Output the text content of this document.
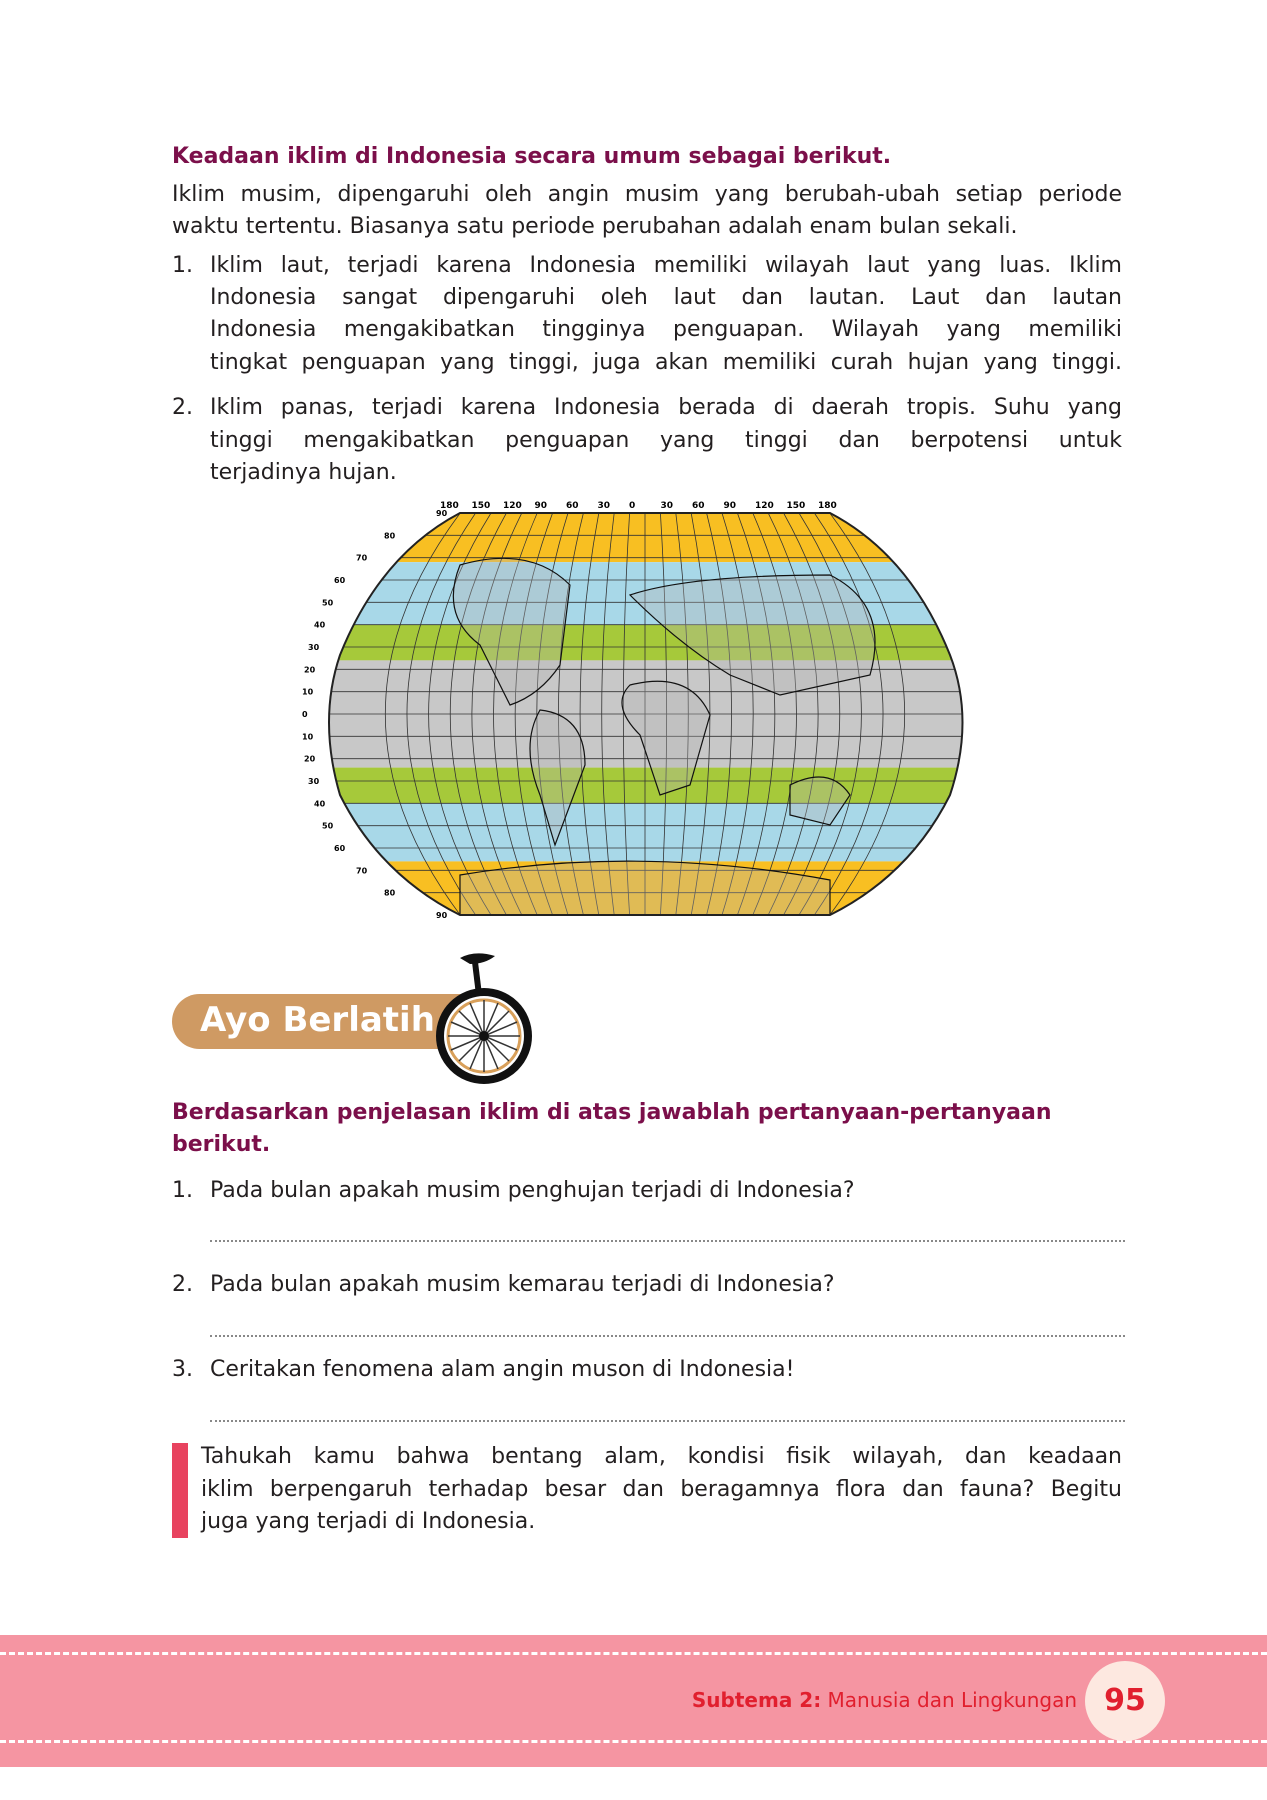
Keadaan iklim di Indonesia secara umum sebagai berikut.
Iklim musim, dipengaruhi oleh angin musim yang berubah-ubah setiap periode
waktu tertentu. Biasanya satu periode perubahan adalah enam bulan sekali.
1. Iklim laut, terjadi karena Indonesia memiliki wilayah laut yang luas. Iklim
Indonesia sangat dipengaruhi oleh laut dan lautan. Laut dan lautan
Indonesia mengakibatkan tingginya penguapan. Wilayah yang memiliki
tingkat penguapan yang tinggi, juga akan memiliki curah hujan yang tinggi.
2. Iklim panas, terjadi karena Indonesia berada di daerah tropis. Suhu yang
tinggi mengakibatkan penguapan yang tinggi dan berpotensi untuk
terjadinya hujan.
180 150 120 90 60 30 0	30 60 90 120 150 180
90
80
70
60
50
40
30
20
10
0
10
20
30
40
50
60
70
80
90
Ayo Berlatih
Berdasarkan penjelasan iklim di atas jawablah pertanyaan-pertanyaan
berikut.
1. Pada bulan apakah musim penghujan terjadi di Indonesia?
2. Pada bulan apakah musim kemarau terjadi di Indonesia?
3. Ceritakan fenomena alam angin muson di Indonesia!
Tahukah kamu bahwa bentang alam, kondisi fisik wilayah, dan keadaan
iklim berpengaruh terhadap besar dan beragamnya flora dan fauna? Begitu
juga yang terjadi di Indonesia.
Subtema 2: Manusia dan Lingkungan 95
